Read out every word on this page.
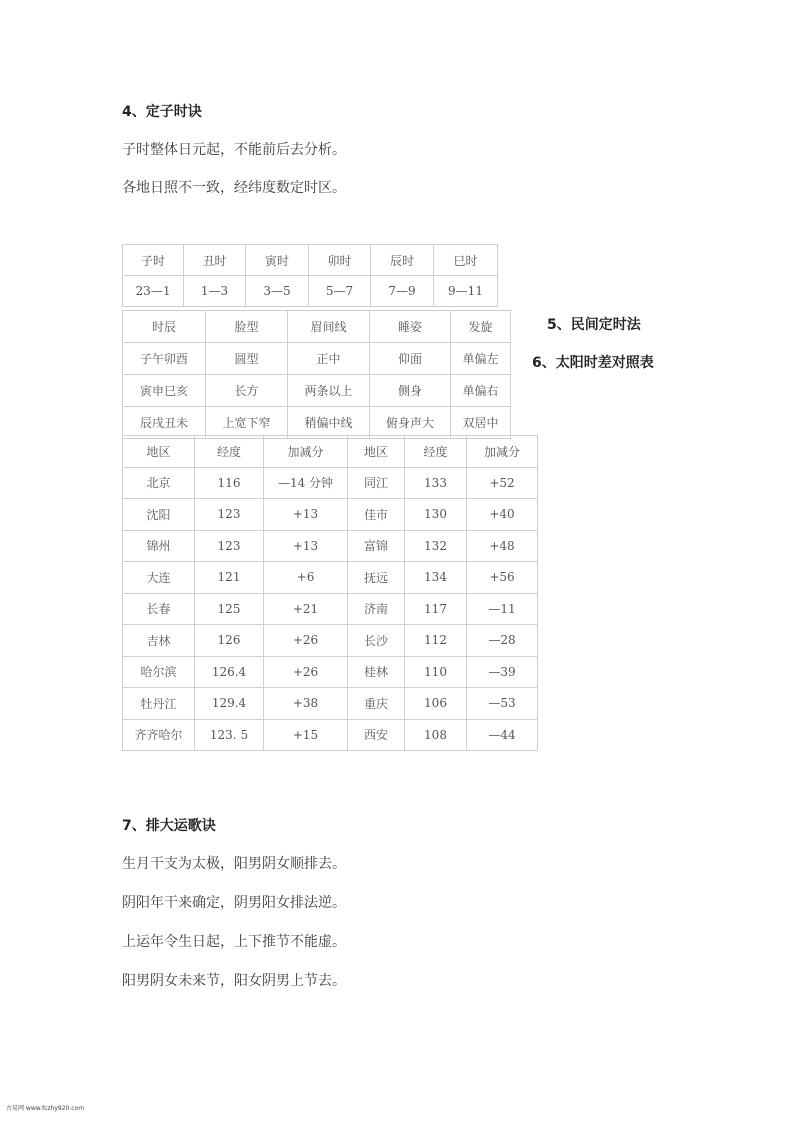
4、定子时诀
子时整体日元起，不能前后去分析。
各地日照不一致，经纬度数定时区。
子时	丑时	寅时	卯时	辰时	巳时
23—1	1—3	3—5	5—7	7—9	9—11
时辰	脸型	眉间线	睡姿	发旋
子午卯酉	圆型	正中	仰面	单偏左
寅申巳亥	长方	两条以上	侧身	单偏右
辰戌丑未	上宽下窄	稍偏中线	俯身声大	双居中
5、民间定时法
6、太阳时差对照表
地区	经度	加减分	地区	经度	加减分
北京	116	—14 分钟	同江	133	+52
沈阳	123	+13	佳市	130	+40
锦州	123	+13	富锦	132	+48
大连	121	+6	抚远	134	+56
长春	125	+21	济南	117	—11
吉林	126	+26	长沙	112	—28
哈尔滨	126.4	+26	桂林	110	—39
牡丹江	129.4	+38	重庆	106	—53
齐齐哈尔	123. 5	+15	西安	108	—44
7、排大运歌诀
生月干支为太极，阳男阴女顺排去。
阴阳年干来确定，阴男阳女排法逆。
上运年令生日起，上下推节不能虚。
阳男阴女未来节，阳女阴男上节去。
古易网 www.fczhy920.com
